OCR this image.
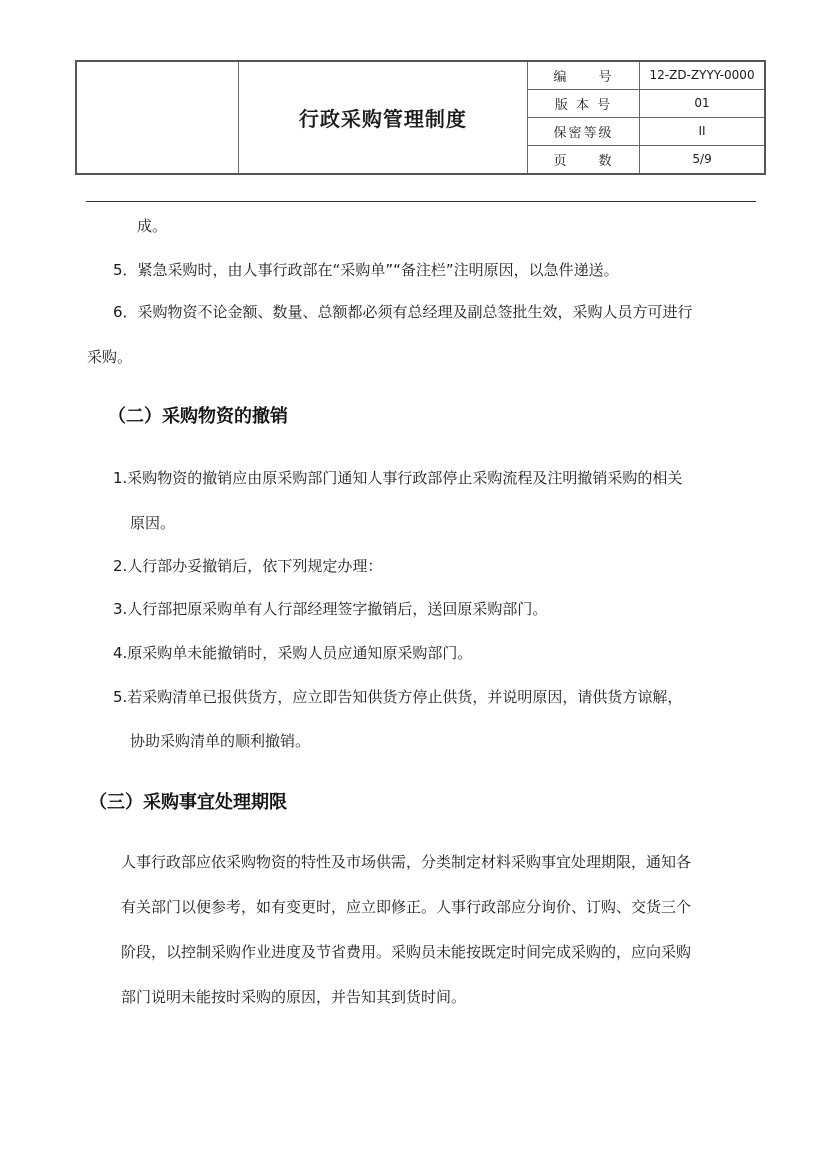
	行政采购管理制度	编　　号	12-ZD-ZYYY-0000
		版 本 号	01
		保密等级	II
		页　　数	5/9
成。
5．紧急采购时，由人事行政部在“采购单”“备注栏”注明原因，以急件递送。
6．采购物资不论金额、数量、总额都必须有总经理及副总签批生效，采购人员方可进行
采购。
（二）采购物资的撤销
1.采购物资的撤销应由原采购部门通知人事行政部停止采购流程及注明撤销采购的相关
原因。
2.人行部办妥撤销后，依下列规定办理：
3.人行部把原采购单有人行部经理签字撤销后，送回原采购部门。
4.原采购单未能撤销时，采购人员应通知原采购部门。
5.若采购清单已报供货方，应立即告知供货方停止供货，并说明原因，请供货方谅解，
协助采购清单的顺利撤销。
（三）采购事宜处理期限
人事行政部应依采购物资的特性及市场供需，分类制定材料采购事宜处理期限，通知各
有关部门以便参考，如有变更时，应立即修正。人事行政部应分询价、订购、交货三个
阶段，以控制采购作业进度及节省费用。采购员未能按既定时间完成采购的，应向采购
部门说明未能按时采购的原因，并告知其到货时间。
